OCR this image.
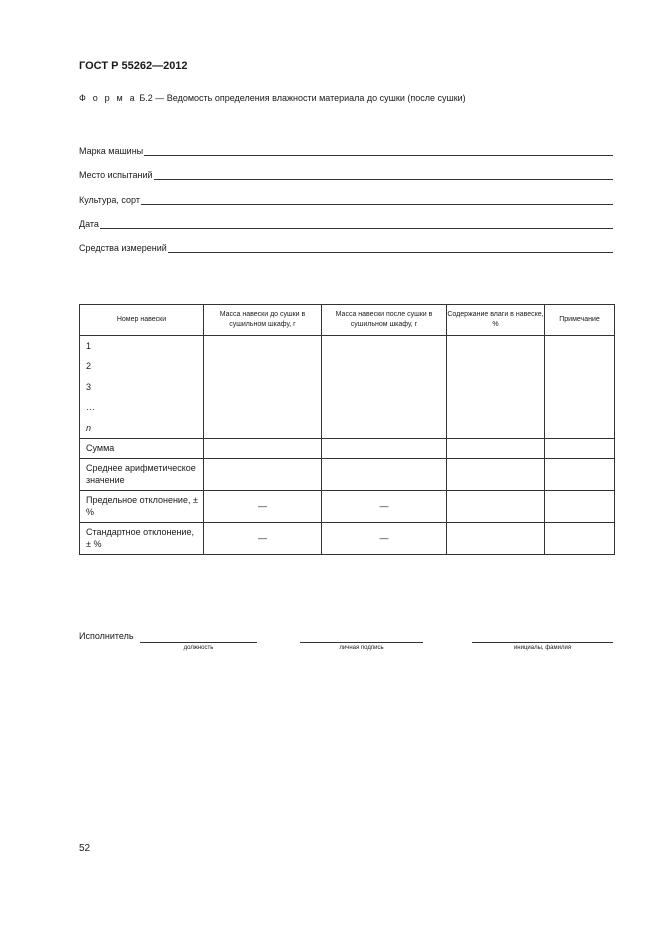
ГОСТ Р 55262—2012
Ф о р м а Б.2 — Ведомость определения влажности материала до сушки (после сушки)
Марка машины
Место испытаний
Культура, сорт
Дата
Средства измерений
Номер навески	Масса навески до сушки в сушильном шкафу, г	Масса навески после сушки в сушильном шкафу, г	Содержание влаги в навеске, %	Примечание

1
2
3
…
n				

Сумма				
Среднее арифметическое значение				
Предельное отклонение, ± %	—	—		
Стандартное отклонение, ± %	—	—		
Исполнитель
должность	личная подпись	инициалы, фамилия
52
